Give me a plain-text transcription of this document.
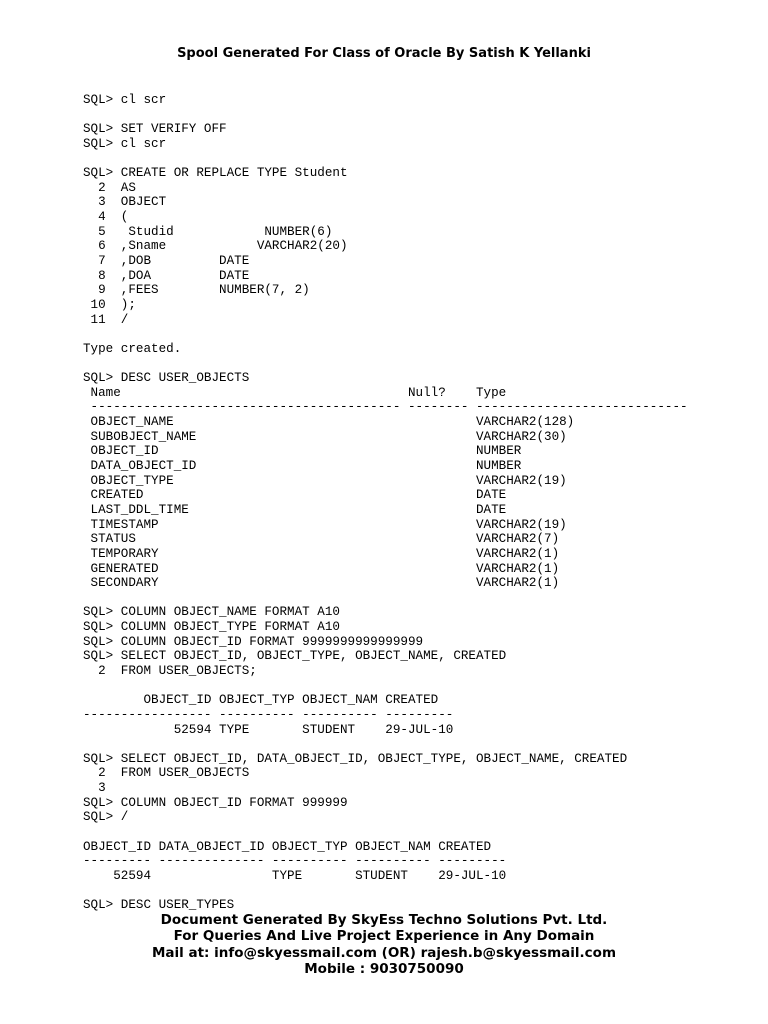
Spool Generated For Class of Oracle By Satish K Yellanki
SQL> cl scr
SQL> SET VERIFY OFF
SQL> cl scr
SQL> CREATE OR REPLACE TYPE Student
2  AS
3  OBJECT
4  (
5   Studid            NUMBER(6)
6  ,Sname            VARCHAR2(20)
7  ,DOB         DATE
8  ,DOA         DATE
9  ,FEES        NUMBER(7, 2)
10  );
11  /
Type created.
SQL> DESC USER_OBJECTS
Name                                      Null?    Type
----------------------------------------- -------- ----------------------------
OBJECT_NAME                                        VARCHAR2(128)
SUBOBJECT_NAME                                     VARCHAR2(30)
OBJECT_ID                                          NUMBER
DATA_OBJECT_ID                                     NUMBER
OBJECT_TYPE                                        VARCHAR2(19)
CREATED                                            DATE
LAST_DDL_TIME                                      DATE
TIMESTAMP                                          VARCHAR2(19)
STATUS                                             VARCHAR2(7)
TEMPORARY                                          VARCHAR2(1)
GENERATED                                          VARCHAR2(1)
SECONDARY                                          VARCHAR2(1)
SQL> COLUMN OBJECT_NAME FORMAT A10
SQL> COLUMN OBJECT_TYPE FORMAT A10
SQL> COLUMN OBJECT_ID FORMAT 9999999999999999
SQL> SELECT OBJECT_ID, OBJECT_TYPE, OBJECT_NAME, CREATED
2  FROM USER_OBJECTS;
OBJECT_ID OBJECT_TYP OBJECT_NAM CREATED
----------------- ---------- ---------- ---------
52594 TYPE       STUDENT    29-JUL-10
SQL> SELECT OBJECT_ID, DATA_OBJECT_ID, OBJECT_TYPE, OBJECT_NAME, CREATED
2  FROM USER_OBJECTS
3
SQL> COLUMN OBJECT_ID FORMAT 999999
SQL> /
OBJECT_ID DATA_OBJECT_ID OBJECT_TYP OBJECT_NAM CREATED
--------- -------------- ---------- ---------- ---------
52594                TYPE       STUDENT    29-JUL-10
SQL> DESC USER_TYPES
Document Generated By SkyEss Techno Solutions Pvt. Ltd.
For Queries And Live Project Experience in Any Domain
Mail at: info@skyessmail.com (OR) rajesh.b@skyessmail.com
Mobile : 9030750090
